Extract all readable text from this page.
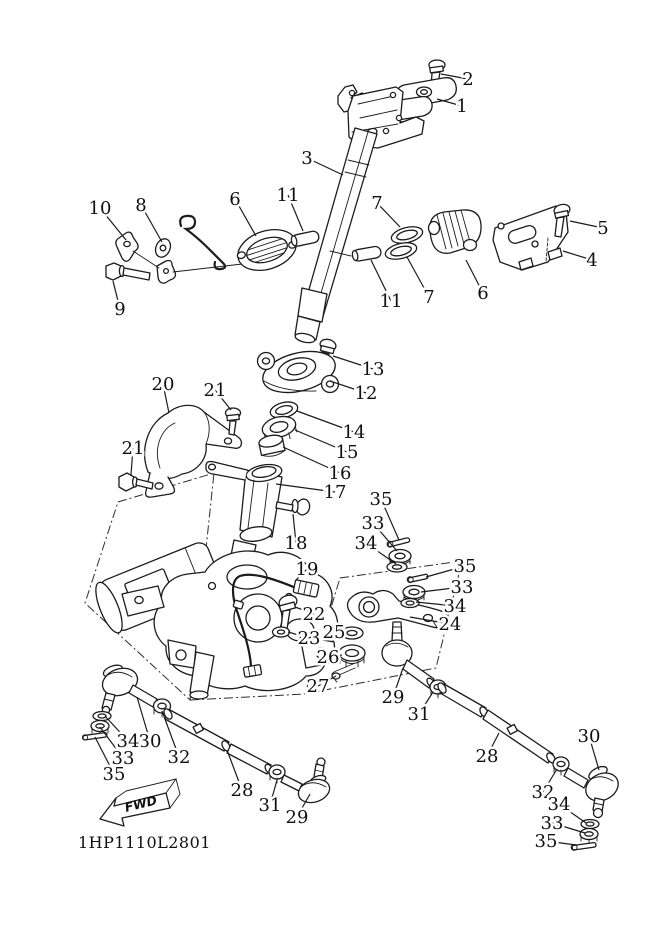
FWD
1HP1110L2801
1
2
3
4
5
6
6
7
7
8
9
10
11
11
12
13
14
15
16
17
18
19
20 21
21
22
23
24
25
26
27
28
28
29
29
30	30
31
31
32
32
33
33
33
33
34
34
34
34
35
35
35
35
